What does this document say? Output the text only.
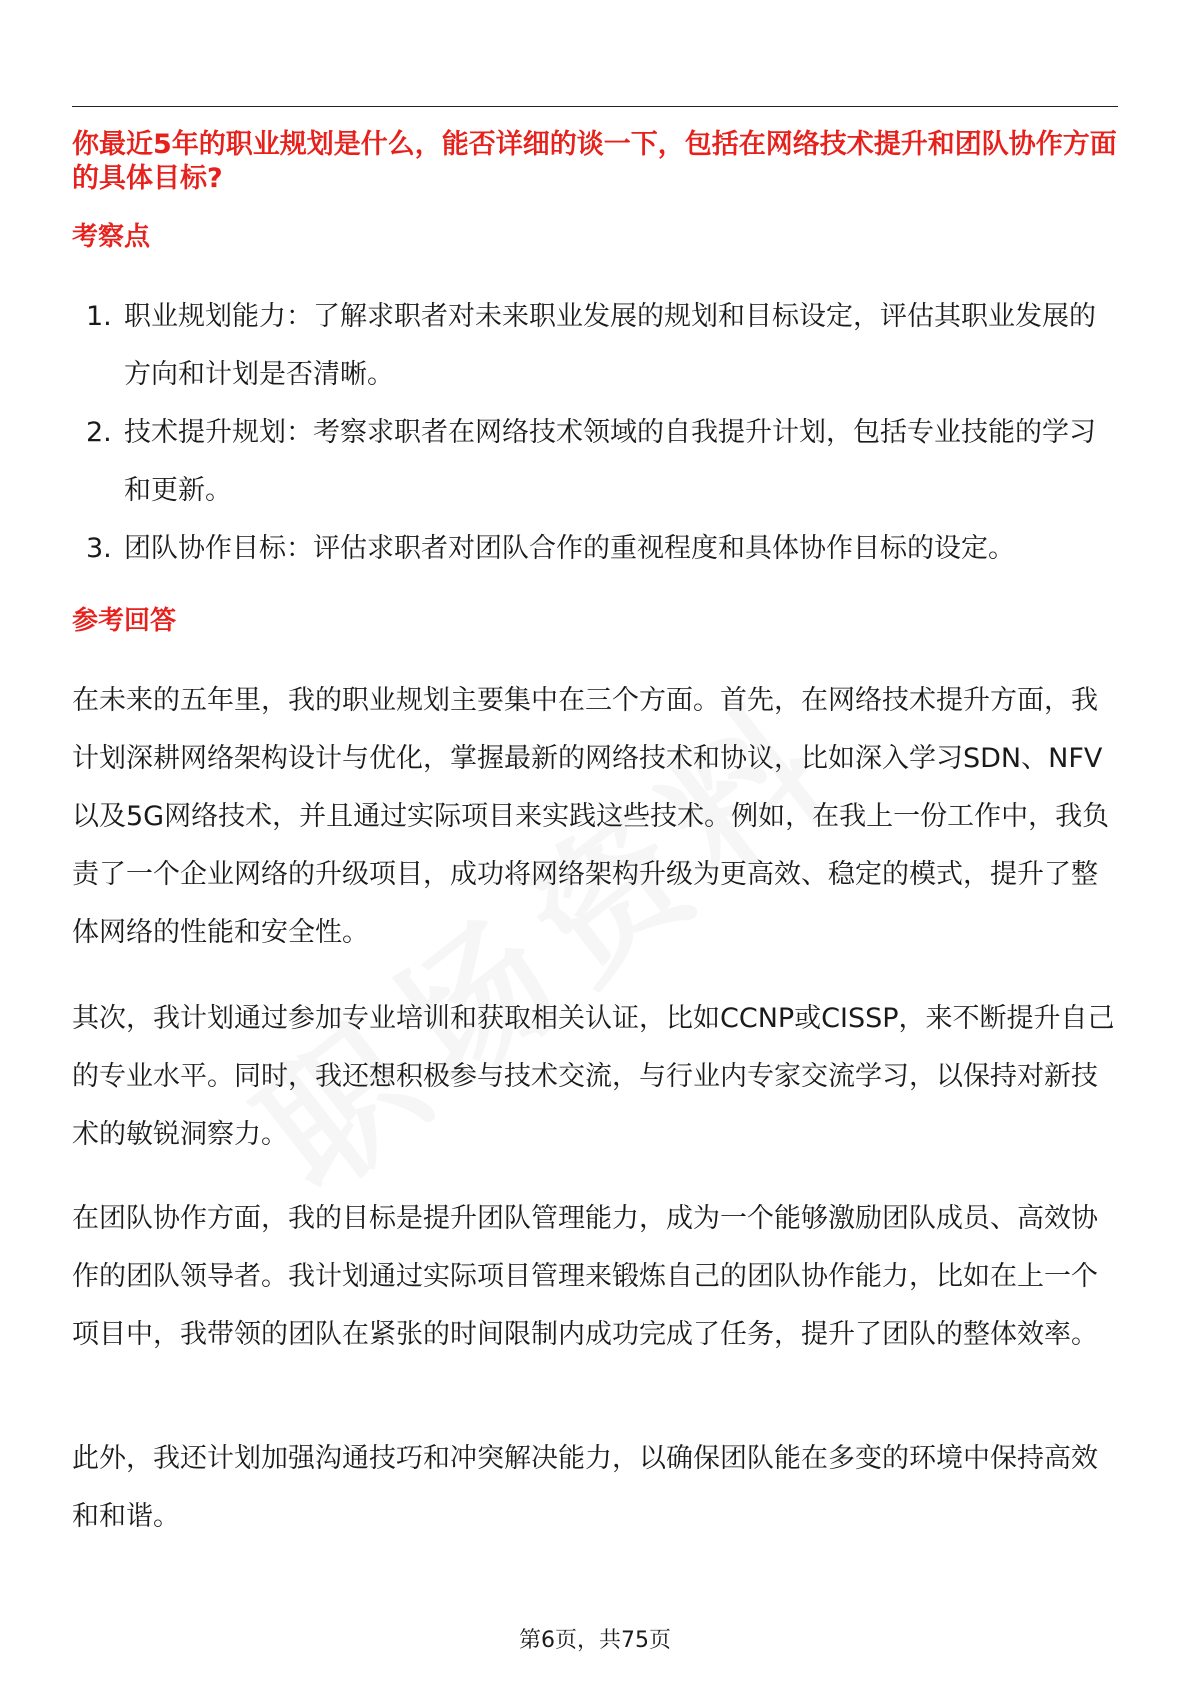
你最近5年的职业规划是什么，能否详细的谈一下，包括在网络技术提升和团队协作方面的具体目标?
考察点
1. 职业规划能力：了解求职者对未来职业发展的规划和目标设定，评估其职业发展的方向和计划是否清晰。
2. 技术提升规划：考察求职者在网络技术领域的自我提升计划，包括专业技能的学习和更新。
3. 团队协作目标：评估求职者对团队合作的重视程度和具体协作目标的设定。
参考回答

在未来的五年里，我的职业规划主要集中在三个方面。首先，在网络技术提升方面，我计划深耕网络架构设计与优化，掌握最新的网络技术和协议，比如深入学习SDN、NFV以及5G网络技术，并且通过实际项目来实践这些技术。例如，在我上一份工作中，我负责了一个企业网络的升级项目，成功将网络架构升级为更高效、稳定的模式，提升了整体网络的性能和安全性。

其次，我计划通过参加专业培训和获取相关认证，比如CCNP或CISSP，来不断提升自己的专业水平。同时，我还想积极参与技术交流，与行业内专家交流学习，以保持对新技术的敏锐洞察力。

在团队协作方面，我的目标是提升团队管理能力，成为一个能够激励团队成员、高效协作的团队领导者。我计划通过实际项目管理来锻炼自己的团队协作能力，比如在上一个项目中，我带领的团队在紧张的时间限制内成功完成了任务，提升了团队的整体效率。

此外，我还计划加强沟通技巧和冲突解决能力，以确保团队能在多变的环境中保持高效和和谐。

第6页，共75页
